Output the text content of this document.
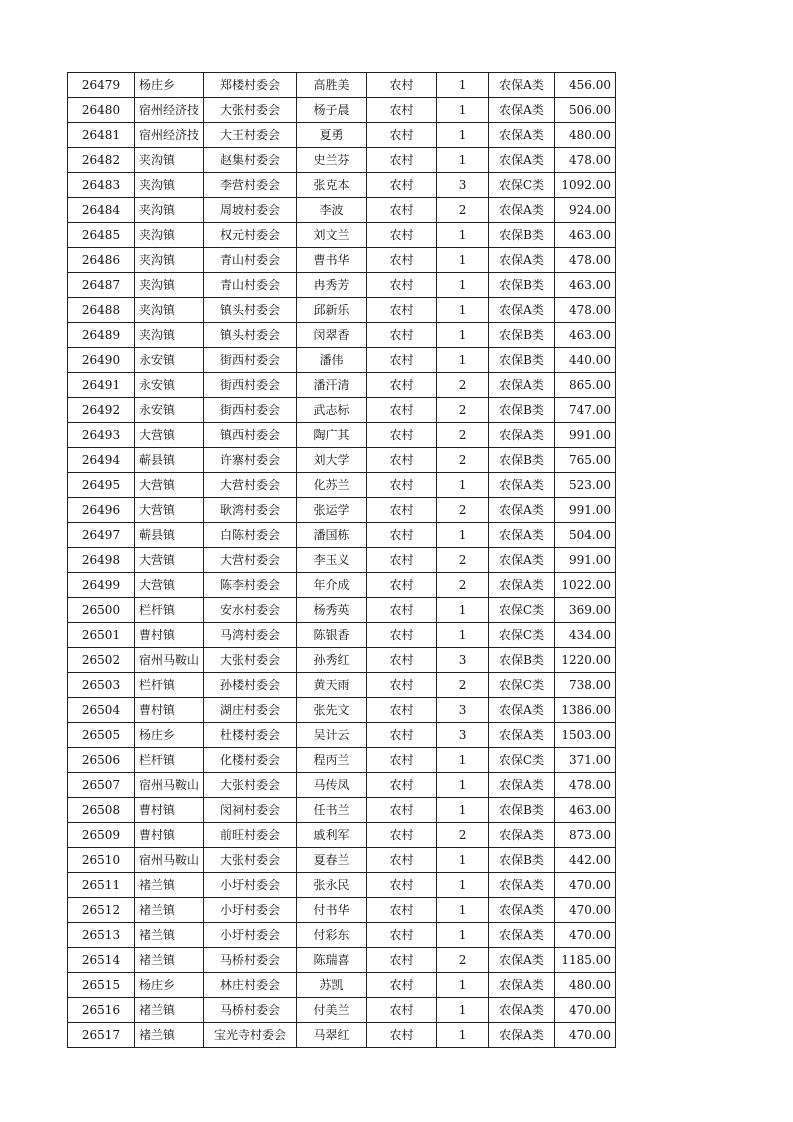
26479	杨庄乡	郑楼村委会	高胜美	农村	1	农保A类	456.00
26480	宿州经济技	大张村委会	杨子晨	农村	1	农保A类	506.00
26481	宿州经济技	大王村委会	夏勇	农村	1	农保A类	480.00
26482	夹沟镇	赵集村委会	史兰芬	农村	1	农保A类	478.00
26483	夹沟镇	李营村委会	张克本	农村	3	农保C类	1092.00
26484	夹沟镇	周坡村委会	李波	农村	2	农保A类	924.00
26485	夹沟镇	权元村委会	刘文兰	农村	1	农保B类	463.00
26486	夹沟镇	青山村委会	曹书华	农村	1	农保A类	478.00
26487	夹沟镇	青山村委会	冉秀芳	农村	1	农保B类	463.00
26488	夹沟镇	镇头村委会	邱新乐	农村	1	农保A类	478.00
26489	夹沟镇	镇头村委会	闵翠香	农村	1	农保B类	463.00
26490	永安镇	街西村委会	潘伟	农村	1	农保B类	440.00
26491	永安镇	街西村委会	潘汗清	农村	2	农保A类	865.00
26492	永安镇	街西村委会	武志标	农村	2	农保B类	747.00
26493	大营镇	镇西村委会	陶广其	农村	2	农保A类	991.00
26494	蕲县镇	许寨村委会	刘大学	农村	2	农保B类	765.00
26495	大营镇	大营村委会	化苏兰	农村	1	农保A类	523.00
26496	大营镇	耿湾村委会	张运学	农村	2	农保A类	991.00
26497	蕲县镇	白陈村委会	潘国栋	农村	1	农保A类	504.00
26498	大营镇	大营村委会	李玉义	农村	2	农保A类	991.00
26499	大营镇	陈李村委会	年介成	农村	2	农保A类	1022.00
26500	栏杆镇	安水村委会	杨秀英	农村	1	农保C类	369.00
26501	曹村镇	马湾村委会	陈银香	农村	1	农保C类	434.00
26502	宿州马鞍山	大张村委会	孙秀红	农村	3	农保B类	1220.00
26503	栏杆镇	孙楼村委会	黄天雨	农村	2	农保C类	738.00
26504	曹村镇	湖庄村委会	张先文	农村	3	农保A类	1386.00
26505	杨庄乡	杜楼村委会	吴计云	农村	3	农保A类	1503.00
26506	栏杆镇	化楼村委会	程丙兰	农村	1	农保C类	371.00
26507	宿州马鞍山	大张村委会	马传凤	农村	1	农保A类	478.00
26508	曹村镇	闵祠村委会	任书兰	农村	1	农保B类	463.00
26509	曹村镇	前旺村委会	戚利军	农村	2	农保A类	873.00
26510	宿州马鞍山	大张村委会	夏春兰	农村	1	农保B类	442.00
26511	褚兰镇	小圩村委会	张永民	农村	1	农保A类	470.00
26512	褚兰镇	小圩村委会	付书华	农村	1	农保A类	470.00
26513	褚兰镇	小圩村委会	付彩东	农村	1	农保A类	470.00
26514	褚兰镇	马桥村委会	陈瑞喜	农村	2	农保A类	1185.00
26515	杨庄乡	林庄村委会	苏凯	农村	1	农保A类	480.00
26516	褚兰镇	马桥村委会	付美兰	农村	1	农保A类	470.00
26517	褚兰镇	宝光寺村委会	马翠红	农村	1	农保A类	470.00
